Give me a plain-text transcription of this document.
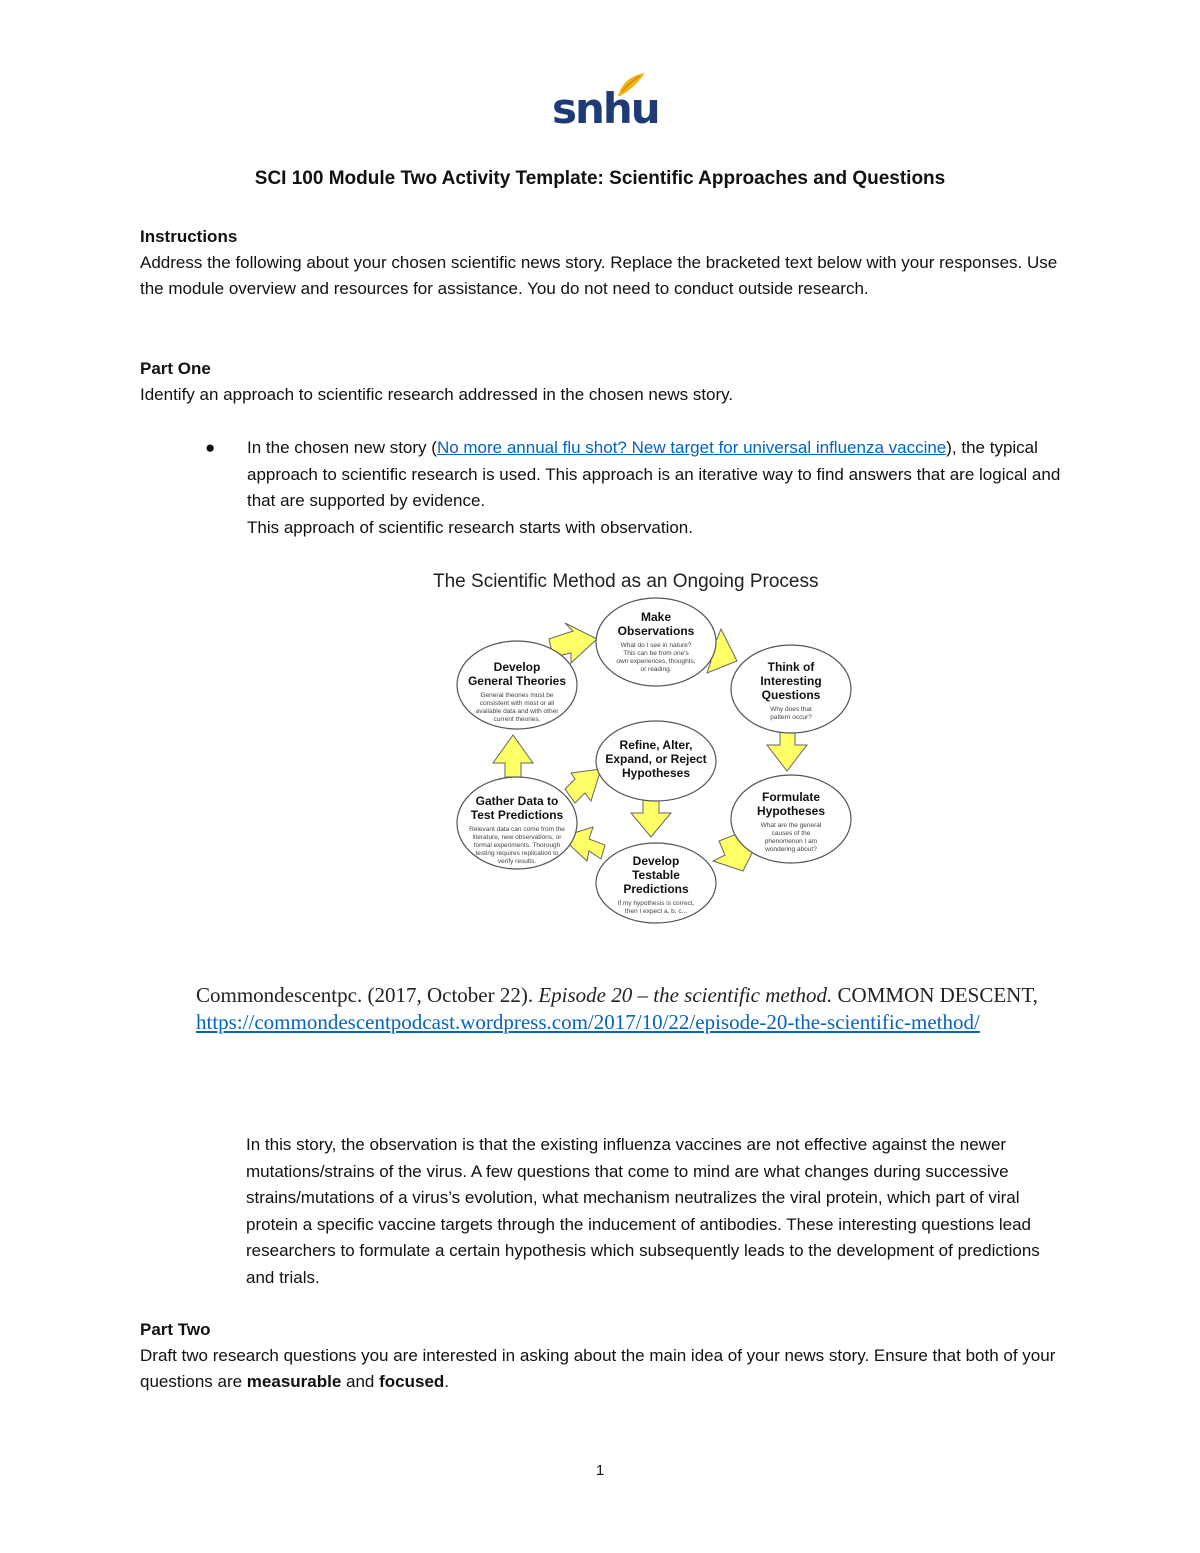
snhu
SCI 100 Module Two Activity Template: Scientific Approaches and Questions
Instructions
Address the following about your chosen scientific news story. Replace the bracketed text below with your responses. Use the module overview and resources for assistance. You do not need to conduct outside research.
Part One
Identify an approach to scientific research addressed in the chosen news story.
● In the chosen new story (No more annual flu shot? New target for universal influenza vaccine), the typical approach to scientific research is used. This approach is an iterative way to find answers that are logical and that are supported by evidence.
This approach of scientific research starts with observation.
The Scientific Method as an Ongoing Process
Make
Observations
What do I see in nature?
This can be from one's
own experiences, thoughts,
or reading.	Think of
Interesting
Questions
Why does that
pattern occur?
Formulate
Hypotheses
What are the general
causes of the
phenomenon I am
wondering about?
Develop
Testable
Predictions
If my hypothesis is correct,
then I expect a, b, c...
Gather Data to
Test Predictions
Relevant data can come from the
literature, new observations, or
formal experiments. Thorough
testing requires replication to
verify results.
Develop
General Theories
General theories must be
consistent with most or all
available data and with other
current theories.
Refine, Alter,
Expand, or Reject
Hypotheses
Commondescentpc. (2017, October 22). Episode 20 – the scientific method. COMMON DESCENT, https://commondescentpodcast.wordpress.com/2017/10/22/episode-20-the-scientific-method/
In this story, the observation is that the existing influenza vaccines are not effective against the newer mutations/strains of the virus. A few questions that come to mind are what changes during successive strains/mutations of a virus’s evolution, what mechanism neutralizes the viral protein, which part of viral protein a specific vaccine targets through the inducement of antibodies. These interesting questions lead researchers to formulate a certain hypothesis which subsequently leads to the development of predictions and trials.
Part Two
Draft two research questions you are interested in asking about the main idea of your news story. Ensure that both of your questions are measurable and focused.
1
